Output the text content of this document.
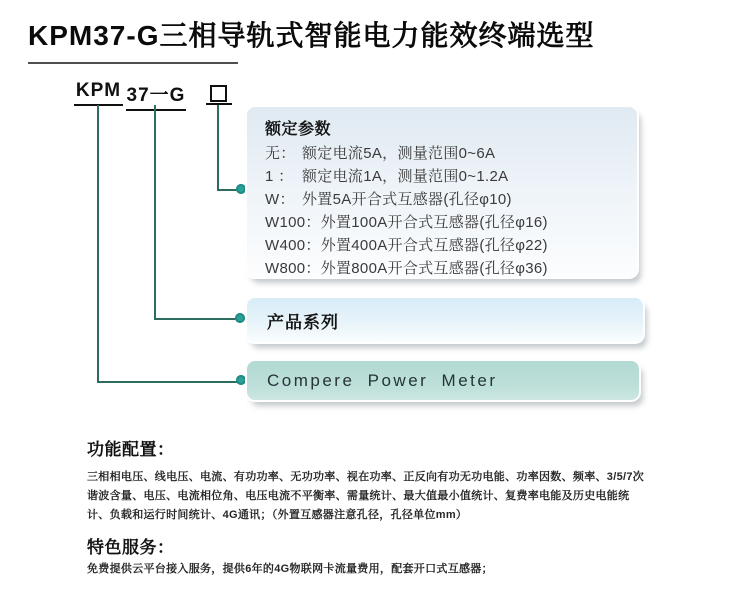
KPM37-G三相导轨式智能电力能效终端选型
KPM 37一G
额定参数
无： 额定电流5A，测量范围0~6A
1 ： 额定电流1A，测量范围0~1.2A
W： 外置5A开合式互感器(孔径φ10)
W100： 外置100A开合式互感器(孔径φ16)
W400： 外置400A开合式互感器(孔径φ22)
W800： 外置800A开合式互感器(孔径φ36)
产品系列
Compere Power Meter
功能配置：
三相相电压、线电压、电流、有功功率、无功功率、视在功率、正反向有功无功电能、功率因数、频率、3/5/7次谐波含量、电压、电流相位角、电压电流不平衡率、需量统计、最大值最小值统计、复费率电能及历史电能统计、负载和运行时间统计、4G通讯；（外置互感器注意孔径，孔径单位mm）
特色服务：
免费提供云平台接入服务，提供6年的4G物联网卡流量费用，配套开口式互感器；
